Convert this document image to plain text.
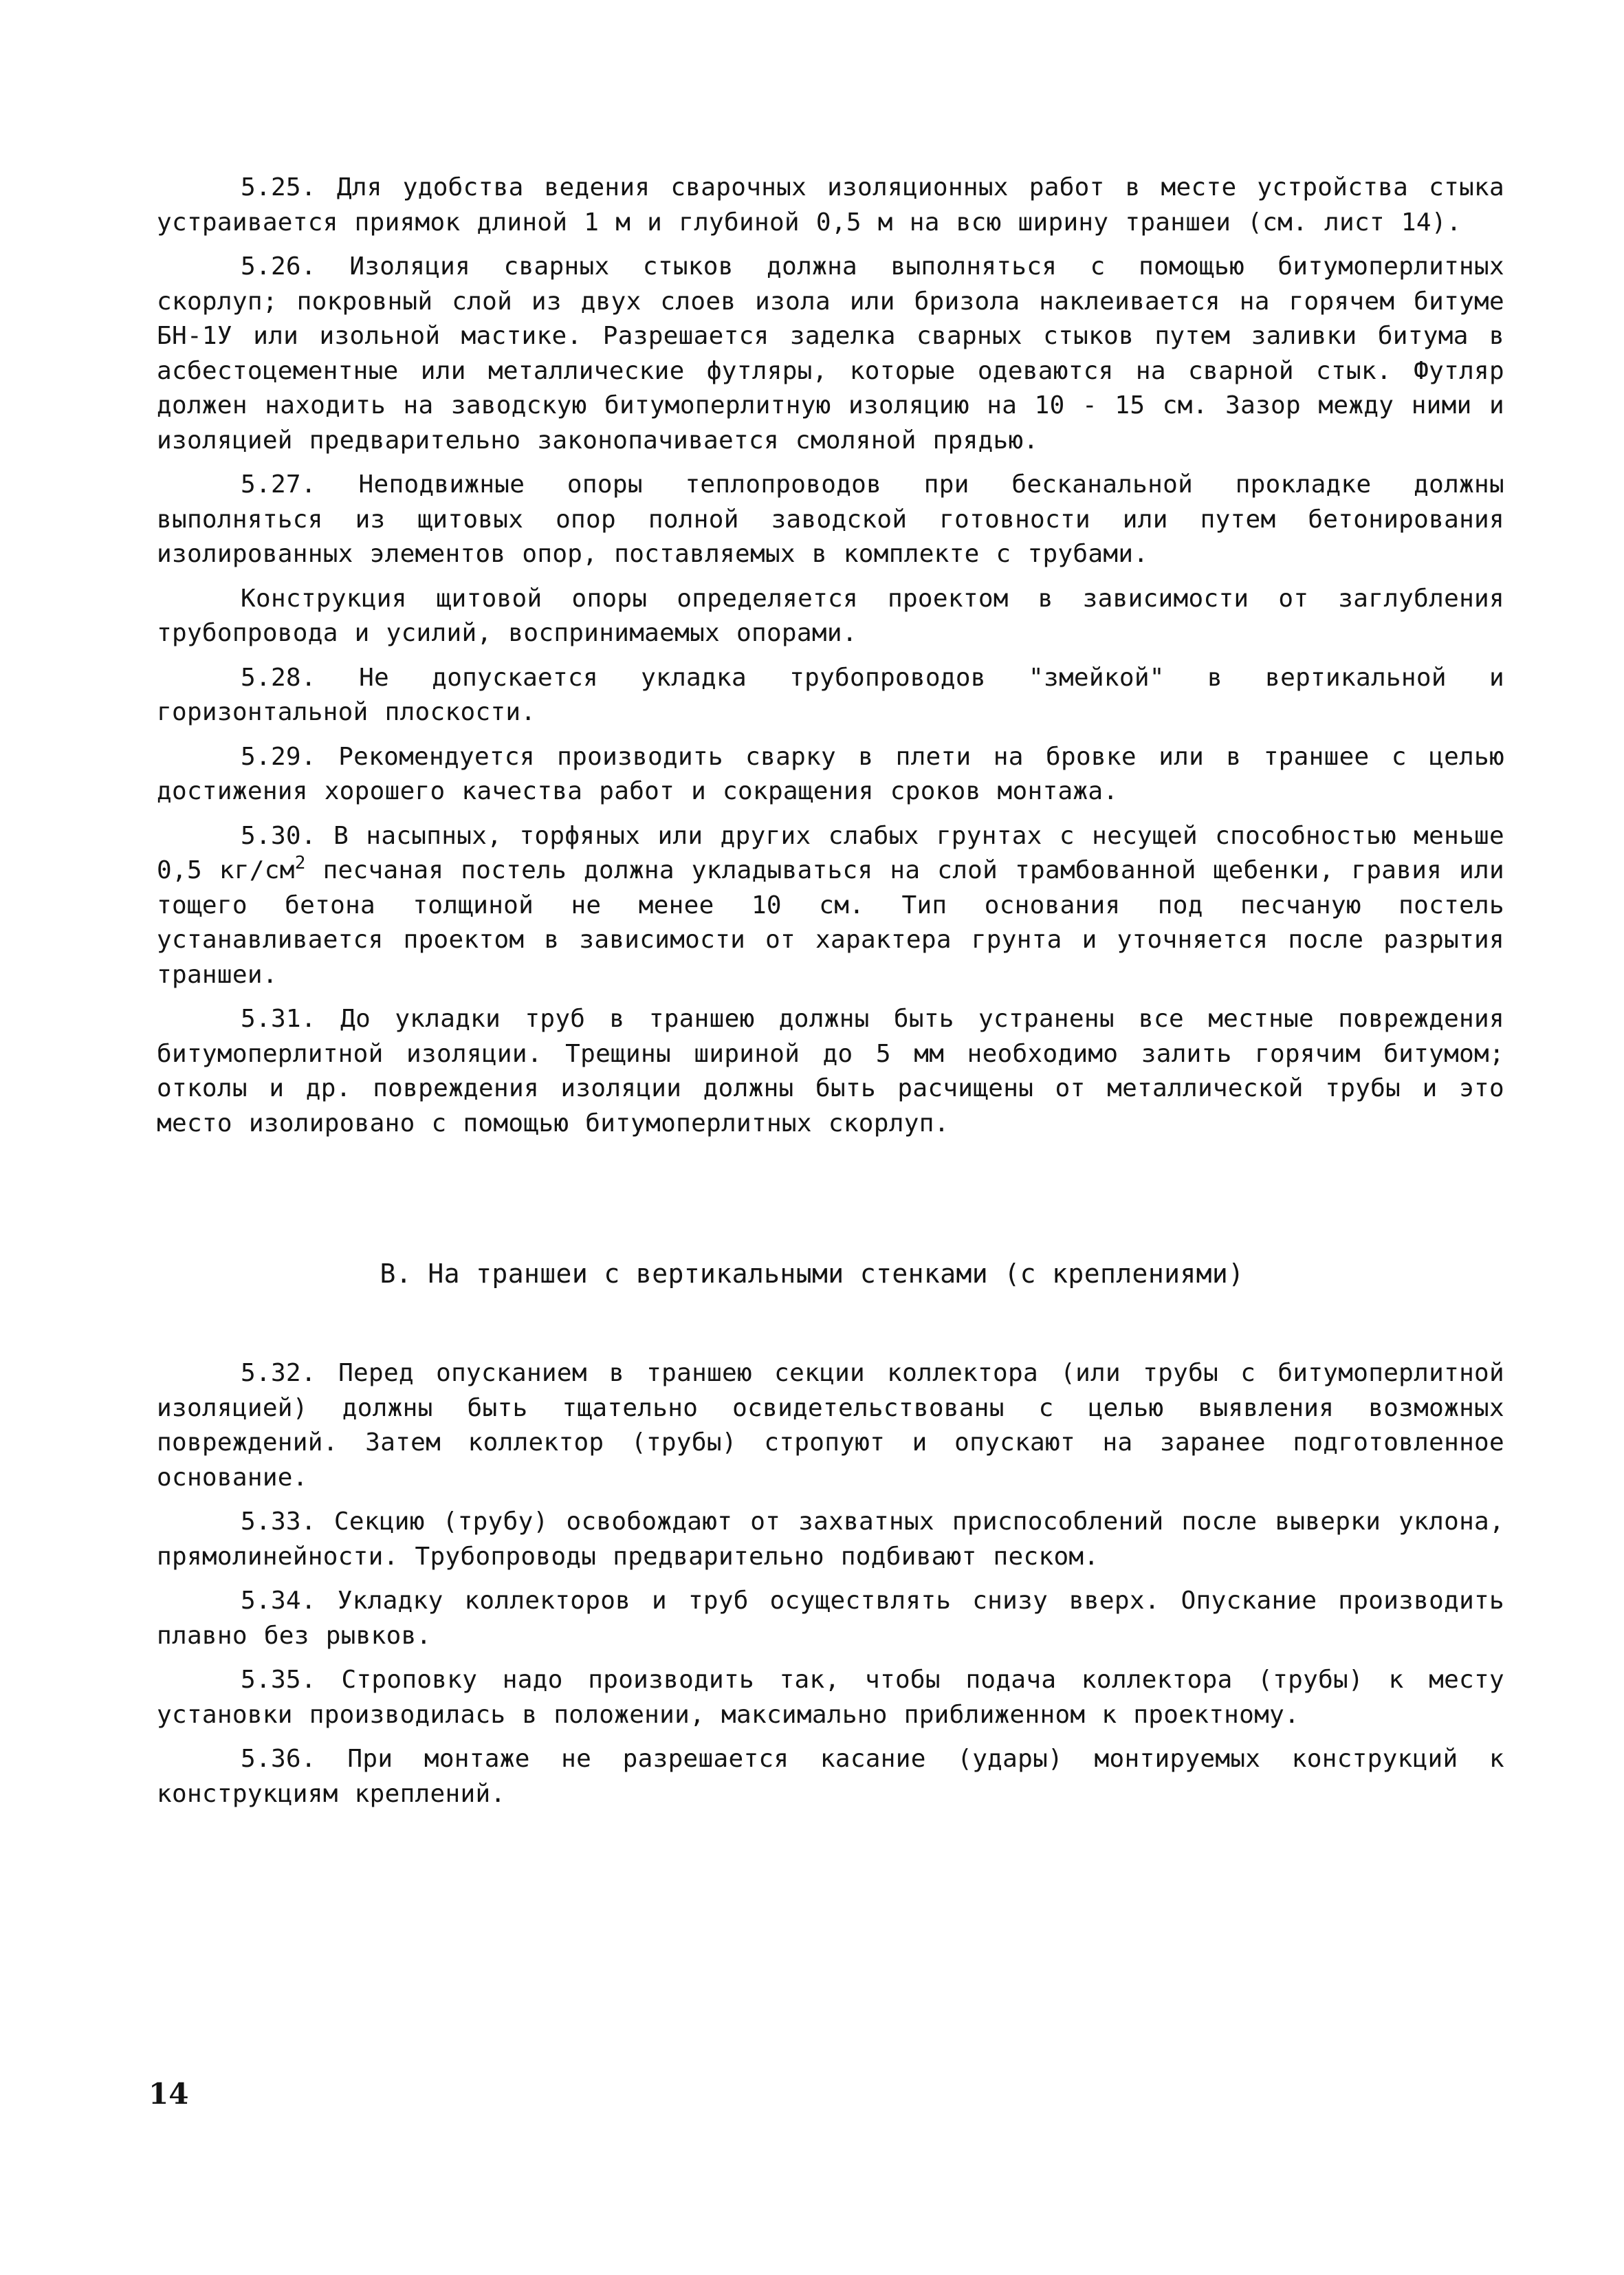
5.25. Для удобства ведения сварочных изоляционных работ в месте устройства стыка устраивается приямок длиной 1 м и глубиной 0,5 м на всю ширину траншеи (см. лист 14).

5.26. Изоляция сварных стыков должна выполняться с помощью битумоперлитных скорлуп; покровный слой из двух слоев изола или бризола наклеивается на горячем битуме БН-1У или изольной мастике. Разрешается заделка сварных стыков путем заливки битума в асбестоцементные или металлические футляры, которые одеваются на сварной стык. Футляр должен находить на заводскую битумоперлитную изоляцию на 10 - 15 см. Зазор между ними и изоляцией предварительно законопачивается смоляной прядью.

5.27. Неподвижные опоры теплопроводов при бесканальной прокладке должны выполняться из щитовых опор полной заводской готовности или путем бетонирования изолированных элементов опор, поставляемых в комплекте с трубами.

Конструкция щитовой опоры определяется проектом в зависимости от заглубления трубопровода и усилий, воспринимаемых опорами.

5.28. Не допускается укладка трубопроводов "змейкой" в вертикальной и горизонтальной плоскости.

5.29. Рекомендуется производить сварку в плети на бровке или в траншее с целью достижения хорошего качества работ и сокращения сроков монтажа.

5.30. В насыпных, торфяных или других слабых грунтах с несущей способностью меньше 0,5 $кг/см^2$ песчаная постель должна укладываться на слой трамбованной щебенки, гравия или тощего бетона толщиной не менее 10 см. Тип основания под песчаную постель устанавливается проектом в зависимости от характера грунта и уточняется после разрытия траншеи.

5.31. До укладки труб в траншею должны быть устранены все местные повреждения битумоперлитной изоляции. Трещины шириной до 5 мм необходимо залить горячим битумом; отколы и др. повреждения изоляции должны быть расчищены от металлической трубы и это место изолировано с помощью битумоперлитных скорлуп.

В. На траншеи с вертикальными стенками (с креплениями)

5.32. Перед опусканием в траншею секции коллектора (или трубы с битумоперлитной изоляцией) должны быть тщательно освидетельствованы с целью выявления возможных повреждений. Затем коллектор (трубы) стропуют и опускают на заранее подготовленное основание.

5.33. Секцию (трубу) освобождают от захватных приспособлений после выверки уклона, прямолинейности. Трубопроводы предварительно подбивают песком.

5.34. Укладку коллекторов и труб осуществлять снизу вверх. Опускание производить плавно без рывков.

5.35. Строповку надо производить так, чтобы подача коллектора (трубы) к месту установки производилась в положении, максимально приближенном к проектному.

5.36. При монтаже не разрешается касание (удары) монтируемых конструкций к конструкциям креплений.

14
